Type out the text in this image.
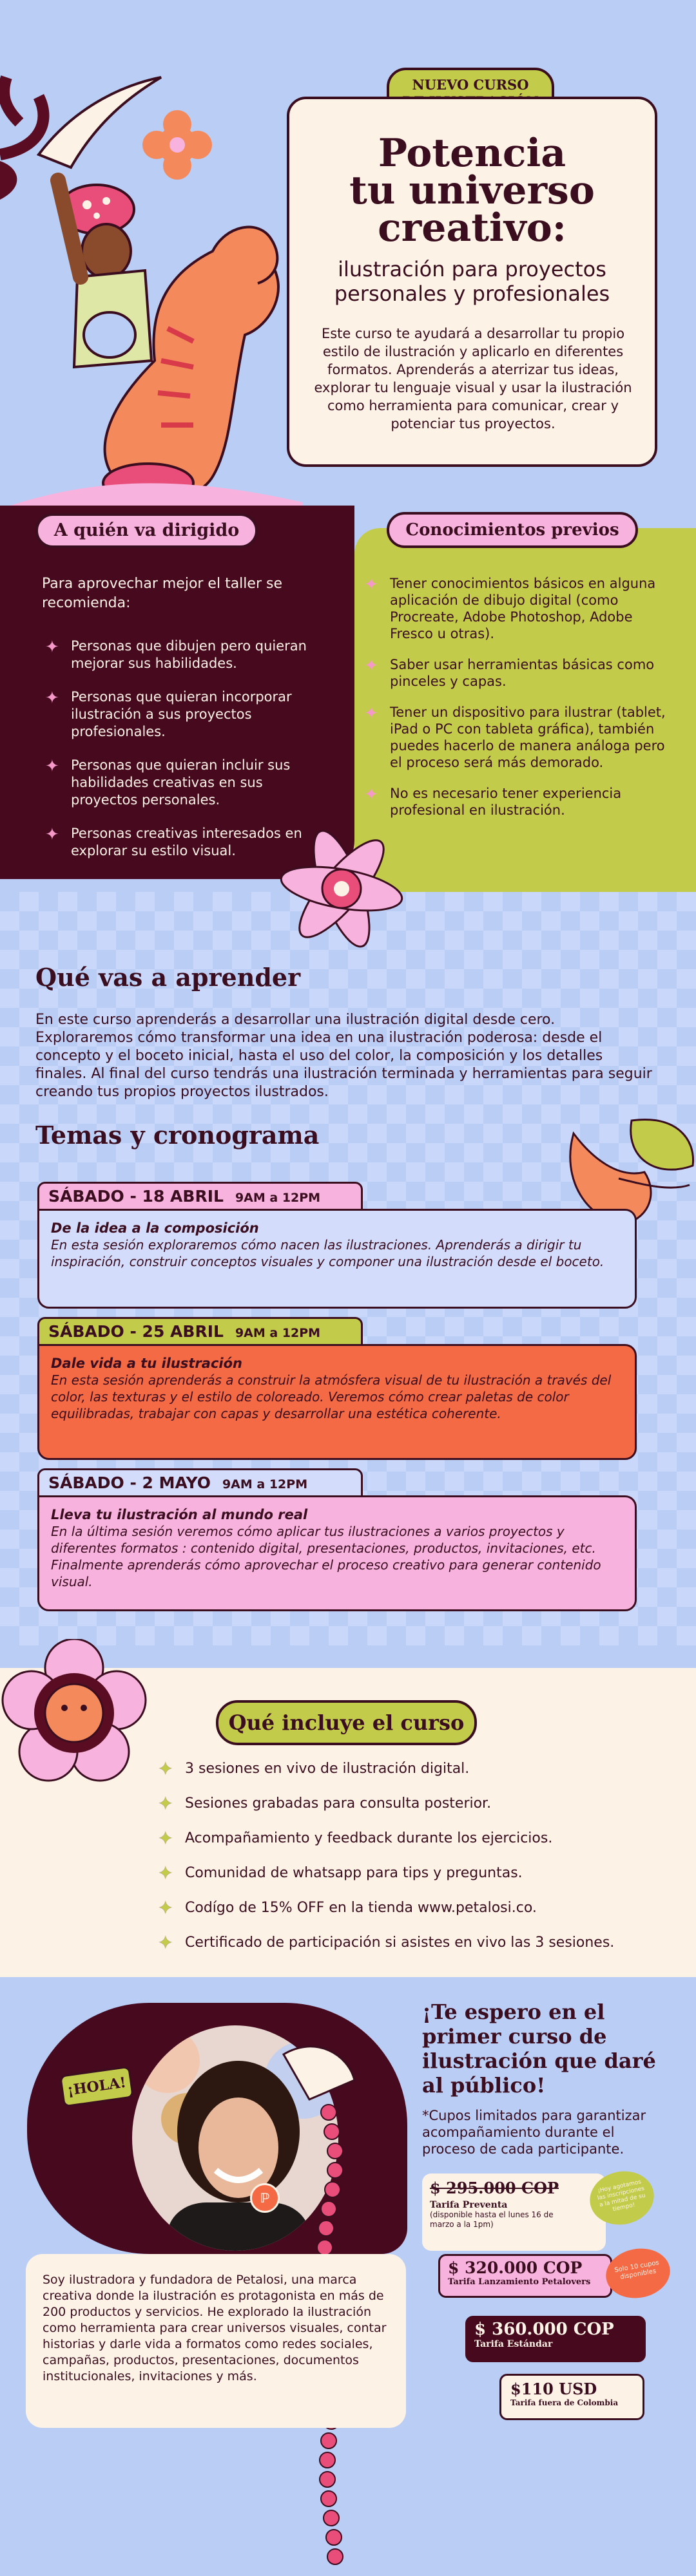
NUEVO CURSO
Potencia
tu universo
creativo:
ilustración para proyectos personales y profesionales
Este curso te ayudará a desarrollar tu propio estilo de ilustración y aplicarlo en diferentes formatos. Aprenderás a aterrizar tus ideas, explorar tu lenguaje visual y usar la ilustración como herramienta para comunicar, crear y potenciar tus proyectos.
A quién va dirigido
Para aprovechar mejor el taller se recomienda:
✦ Personas que dibujen pero quieran mejorar sus habilidades.
✦ Personas que quieran incorporar ilustración a sus proyectos profesionales.
✦ Personas que quieran incluir sus habilidades creativas en sus proyectos personales.
✦ Personas creativas interesados en explorar su estilo visual.
Conocimientos previos
✦ Tener conocimientos básicos en alguna aplicación de dibujo digital (como Procreate, Adobe Photoshop, Adobe Fresco u otras).
✦ Saber usar herramientas básicas como pinceles y capas.
✦ Tener un dispositivo para ilustrar (tablet, iPad o PC con tableta gráfica), también puedes hacerlo de manera análoga pero el proceso será más demorado.
✦ No es necesario tener experiencia profesional en ilustración.
Qué vas a aprender
En este curso aprenderás a desarrollar una ilustración digital desde cero. Exploraremos cómo transformar una idea en una ilustración poderosa: desde el concepto y el boceto inicial, hasta el uso del color, la composición y los detalles finales. Al final del curso tendrás una ilustración terminada y herramientas para seguir creando tus propios proyectos ilustrados.
Temas y cronograma
SÁBADO - 18 ABRIL 9AM a 12PM
De la idea a la composición
En esta sesión exploraremos cómo nacen las ilustraciones. Aprenderás a dirigir tu inspiración, construir conceptos visuales y componer una ilustración desde el boceto.
SÁBADO - 25 ABRIL 9AM a 12PM
Dale vida a tu ilustración
En esta sesión aprenderás a construir la atmósfera visual de tu ilustración a través del color, las texturas y el estilo de coloreado. Veremos cómo crear paletas de color equilibradas, trabajar con capas y desarrollar una estética coherente.
SÁBADO - 2 MAYO 9AM a 12PM
Lleva tu ilustración al mundo real
En la última sesión veremos cómo aplicar tus ilustraciones a varios proyectos y diferentes formatos : contenido digital, presentaciones, productos, invitaciones, etc. Finalmente aprenderás cómo aprovechar el proceso creativo para generar contenido visual.
Qué incluye el curso
✦ 3 sesiones en vivo de ilustración digital.
✦ Sesiones grabadas para consulta posterior.
✦ Acompañamiento y feedback durante los ejercicios.
✦ Comunidad de whatsapp para tips y preguntas.
✦ Codígo de 15% OFF en la tienda www.petalosi.co.
✦ Certificado de participación si asistes en vivo las 3 sesiones.
¡HOLA!
ℙ
Soy ilustradora y fundadora de Petalosi, una marca creativa donde la ilustración es protagonista en más de 200 productos y servicios. He explorado la ilustración como herramienta para crear universos visuales, contar historias y darle vida a formatos como redes sociales, campañas, productos, presentaciones, documentos institucionales, invitaciones y más.
¡Te espero en el primer curso de ilustración que daré al público!
*Cupos limitados para garantizar acompañamiento durante el proceso de cada participante.
$ 295.000 COP
Tarifa Preventa
(disponible hasta el lunes 16 de marzo a la 1pm)
¡Hoy agotamos las inscripciones a la mitad de su tiempo!
$ 320.000 COP
Tarifa Lanzamiento Petalovers
Solo 10 cupos disponibles
$ 360.000 COP
Tarifa Estándar
$110 USD
Tarifa fuera de Colombia
